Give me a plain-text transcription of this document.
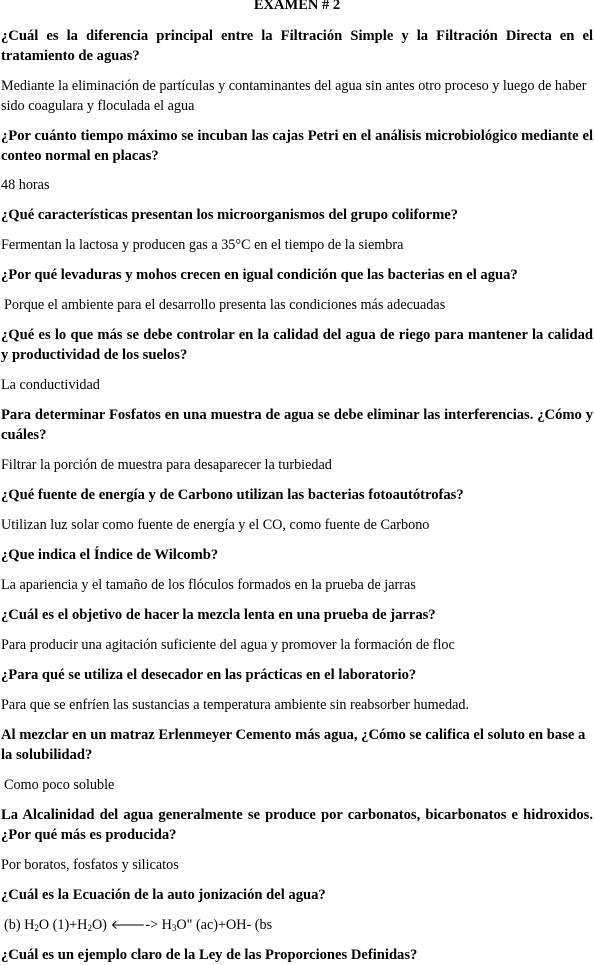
EXAMEN # 2
¿Cuál es la diferencia principal entre la Filtración Simple y la Filtración Directa en el tratamiento de aguas?
Mediante la eliminación de partículas y contaminantes del agua sin antes otro proceso y luego de haber sido coagulara y floculada el agua
¿Por cuánto tiempo máximo se incuban las cajas Petri en el análisis microbiológico mediante el conteo normal en placas?
48 horas
¿Qué características presentan los microorganismos del grupo coliforme?
Fermentan la lactosa y producen gas a 35°C en el tiempo de la siembra
¿Por qué levaduras y mohos crecen en igual condición que las bacterias en el agua?
Porque el ambiente para el desarrollo presenta las condiciones más adecuadas
¿Qué es lo que más se debe controlar en la calidad del agua de riego para mantener la calidad y productividad de los suelos?
La conductividad
Para determinar Fosfatos en una muestra de agua se debe eliminar las interferencias. ¿Cómo y cuáles?
Filtrar la porción de muestra para desaparecer la turbiedad
¿Qué fuente de energía y de Carbono utilizan las bacterias fotoautótrofas?
Utilizan luz solar como fuente de energía y el CO, como fuente de Carbono
¿Que indica el Índice de Wilcomb?
La apariencia y el tamaño de los flóculos formados en la prueba de jarras
¿Cuál es el objetivo de hacer la mezcla lenta en una prueba de jarras?
Para producir una agitación suficiente del agua y promover la formación de floc
¿Para qué se utiliza el desecador en las prácticas en el laboratorio?
Para que se enfríen las sustancias a temperatura ambiente sin reabsorber humedad.
Al mezclar en un matraz Erlenmeyer Cemento más agua, ¿Cómo se califica el soluto en base a la solubilidad?
Como poco soluble
La Alcalinidad del agua generalmente se produce por carbonatos, bicarbonatos e hidroxidos. ¿Por qué más es producida?
Por boratos, fosfatos y silicatos
¿Cuál es la Ecuación de la auto jonización del agua?
(b) $H_2O$ $(1)+H_2O$) 🡐-> $H_3O$" (ac)+OH- (bs
¿Cuál es un ejemplo claro de la Ley de las Proporciones Definidas?
